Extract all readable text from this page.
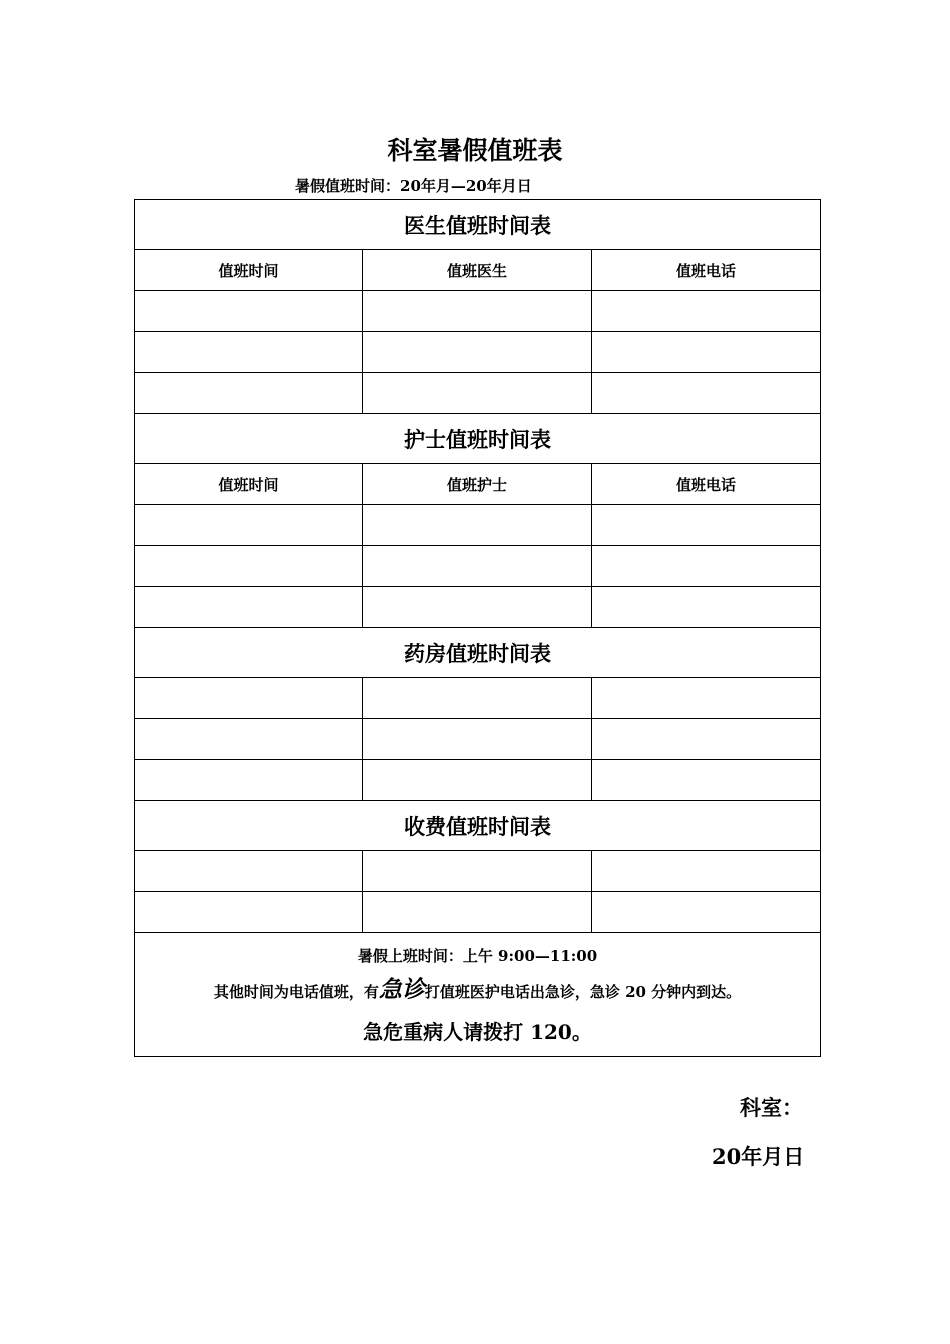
科室暑假值班表
暑假值班时间：20年月—20年月日
医生值班时间表		
值班时间	值班医生	值班电话

护士值班时间表		
值班时间	值班护士	值班电话

药房值班时间表		

收费值班时间表		

暑假上班时间：上午 9:00—11:00
其他时间为电话值班，有急诊打值班医护电话出急诊，急诊 20 分钟内到达。
急危重病人请拨打 120。		
科室：
20年月日
